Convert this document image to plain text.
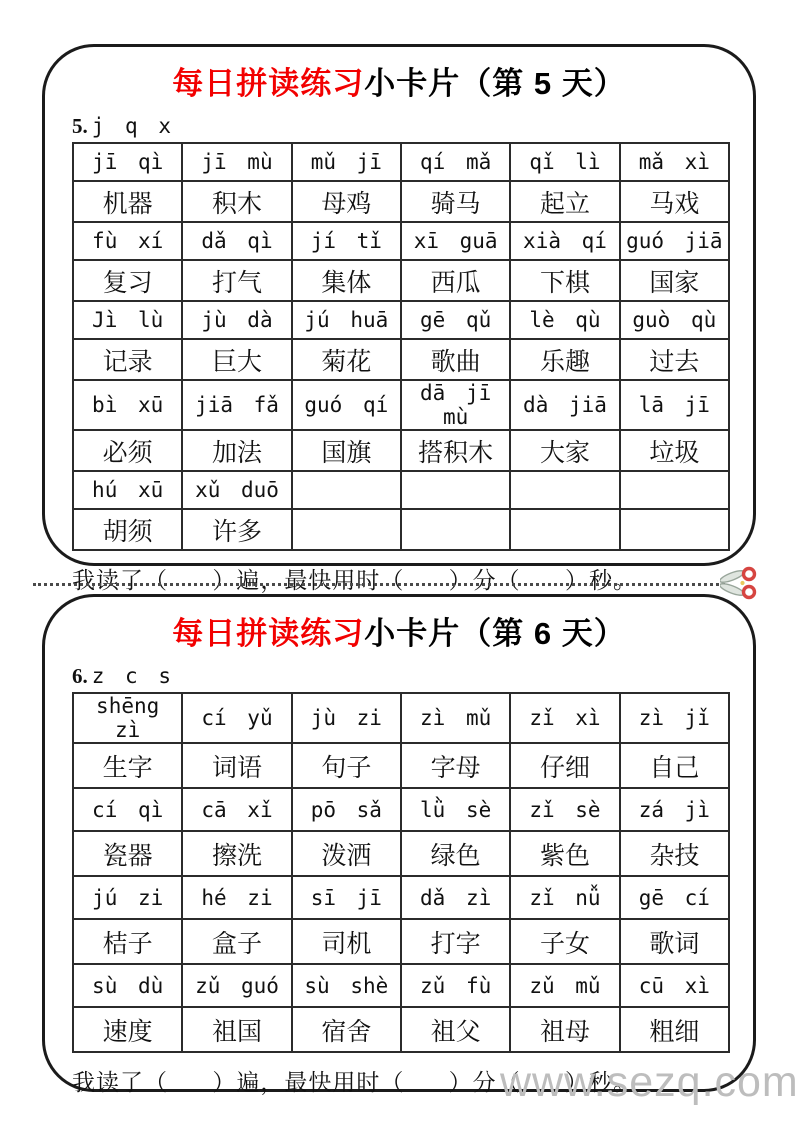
每日拼读练习小卡片（第 5 天）
5. j q x
jī qì	jī mù	mǔ jī	qí mǎ	qǐ lì	mǎ xì
机器	积木	母鸡	骑马	起立	马戏
fù xí	dǎ qì	jí tǐ	xī guā	xià qí	guó jiā
复习	打气	集体	西瓜	下棋	国家
Jì lù	jù dà	jú huā	gē qǔ	lè qù	guò qù
记录	巨大	菊花	歌曲	乐趣	过去
bì xū	jiā fǎ	guó qí	dā jī mù	dà jiā	lā jī
必须	加法	国旗	搭积木	大家	垃圾
hú xū	xǔ duō				
胡须	许多				
我读了（      ）遍，最快用时（      ）分（      ）秒。
每日拼读练习小卡片（第 6 天）
6. z c s
shēng zì	cí yǔ	jù zi	zì mǔ	zǐ xì	zì jǐ
生字	词语	句子	字母	仔细	自己
cí qì	cā xǐ	pō sǎ	lǜ sè	zǐ sè	zá jì
瓷器	擦洗	泼洒	绿色	紫色	杂技
jú zi	hé zi	sī jī	dǎ zì	zǐ nǚ	gē cí
桔子	盒子	司机	打字	子女	歌词
sù dù	zǔ guó	sù shè	zǔ fù	zǔ mǔ	cū xì
速度	祖国	宿舍	祖父	祖母	粗细
我读了（      ）遍，最快用时（      ）分（      ）秒。
www.sezq.com
